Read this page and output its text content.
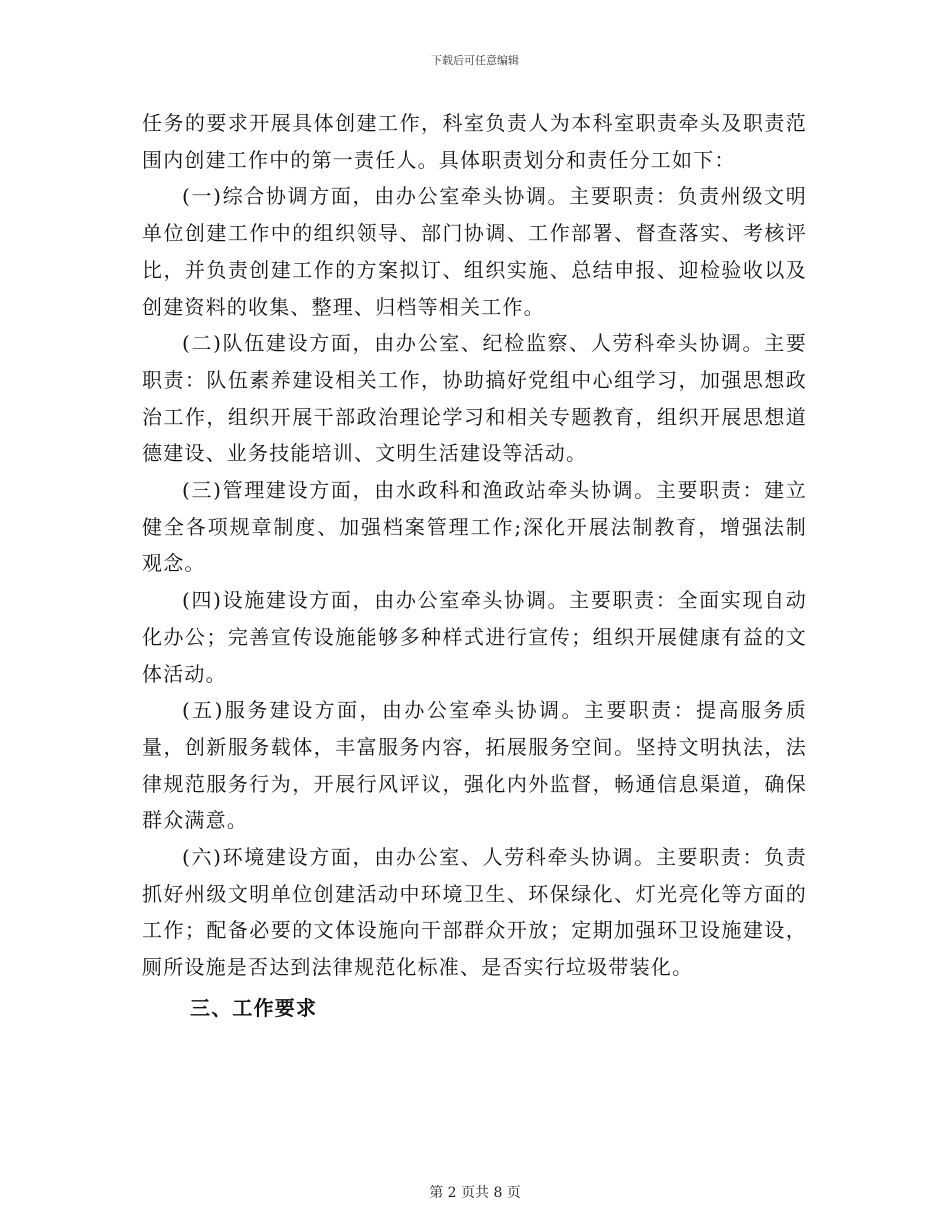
下载后可任意编辑

任务的要求开展具体创建工作，科室负责人为本科室职责牵头及职责范围内创建工作中的第一责任人。具体职责划分和责任分工如下：

(一)综合协调方面，由办公室牵头协调。主要职责：负责州级文明单位创建工作中的组织领导、部门协调、工作部署、督查落实、考核评比，并负责创建工作的方案拟订、组织实施、总结申报、迎检验收以及创建资料的收集、整理、归档等相关工作。

(二)队伍建设方面，由办公室、纪检监察、人劳科牵头协调。主要职责：队伍素养建设相关工作，协助搞好党组中心组学习，加强思想政治工作，组织开展干部政治理论学习和相关专题教育，组织开展思想道德建设、业务技能培训、文明生活建设等活动。

(三)管理建设方面，由水政科和渔政站牵头协调。主要职责：建立健全各项规章制度、加强档案管理工作;深化开展法制教育，增强法制观念。

(四)设施建设方面，由办公室牵头协调。主要职责：全面实现自动化办公；完善宣传设施能够多种样式进行宣传；组织开展健康有益的文体活动。

(五)服务建设方面，由办公室牵头协调。主要职责：提高服务质量，创新服务载体，丰富服务内容，拓展服务空间。坚持文明执法，法律规范服务行为，开展行风评议，强化内外监督，畅通信息渠道，确保群众满意。

(六)环境建设方面，由办公室、人劳科牵头协调。主要职责：负责抓好州级文明单位创建活动中环境卫生、环保绿化、灯光亮化等方面的工作；配备必要的文体设施向干部群众开放；定期加强环卫设施建设，厕所设施是否达到法律规范化标准、是否实行垃圾带装化。

三、工作要求

第 2 页共 8 页
